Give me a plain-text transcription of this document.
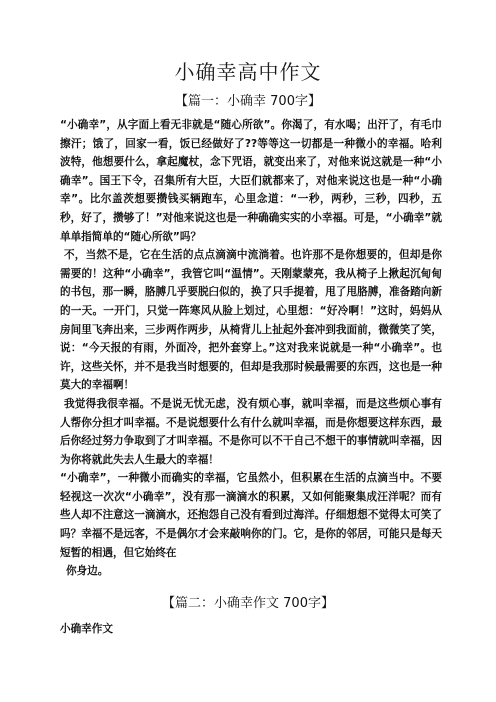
小确幸高中作文
【篇一：小确幸 700字】

“小确幸”，从字面上看无非就是“随心所欲”。你渴了，有水喝；出汗了，有毛巾擦汗；饿了，回家一看，饭已经做好了??等等这一切都是一种微小的幸福。哈利波特，他想要什么，拿起魔杖，念下咒语，就变出来了，对他来说这就是一种“小确幸”。国王下令，召集所有大臣，大臣们就都来了，对他来说这也是一种“小确幸”。比尔盖茨想要攒钱买辆跑车，心里念道：“一秒，两秒，三秒，四秒，五秒，好了，攒够了！”对他来说这也是一种确确实实的小幸福。可是，“小确幸”就单单指简单的“随心所欲”吗？

不，当然不是，它在生活的点点滴滴中流淌着。也许那不是你想要的，但却是你需要的！这种“小确幸”，我管它叫“温情”。天刚蒙蒙亮，我从椅子上揪起沉甸甸的书包，那一瞬，胳膊几乎要脱臼似的，换了只手提着，甩了甩胳膊，准备踏向新的一天。一开门，只觉一阵寒风从脸上划过，心里想：“好冷啊！”这时，妈妈从房间里飞奔出来，三步两作两步，从椅背儿上扯起外套冲到我面前，微微笑了笑，说：“今天报的有雨，外面冷，把外套穿上。”这对我来说就是一种“小确幸”。也许，这些关怀，并不是我当时想要的，但却是我那时候最需要的东西，这也是一种莫大的幸福啊！

我觉得我很幸福。不是说无忧无虑，没有烦心事，就叫幸福，而是这些烦心事有人帮你分担才叫幸福。不是说想要什么有什么就叫幸福，而是你想要这样东西，最后你经过努力争取到了才叫幸福。不是你可以不干自己不想干的事情就叫幸福，因为你将就此失去人生最大的幸福！

“小确幸”，一种微小而确实的幸福，它虽然小，但积累在生活的点滴当中。不要轻视这一次次“小确幸”，没有那一滴滴水的积累，又如何能聚集成汪洋呢？而有些人却不注意这一滴滴水，还抱怨自己没有看到过海洋。仔细想想不觉得太可笑了吗？幸福不是远客，不是偶尔才会来敲响你的门。它，是你的邻居，可能只是每天短暂的相遇，但它始终在

你身边。

【篇二：小确幸作文 700字】
小确幸作文
